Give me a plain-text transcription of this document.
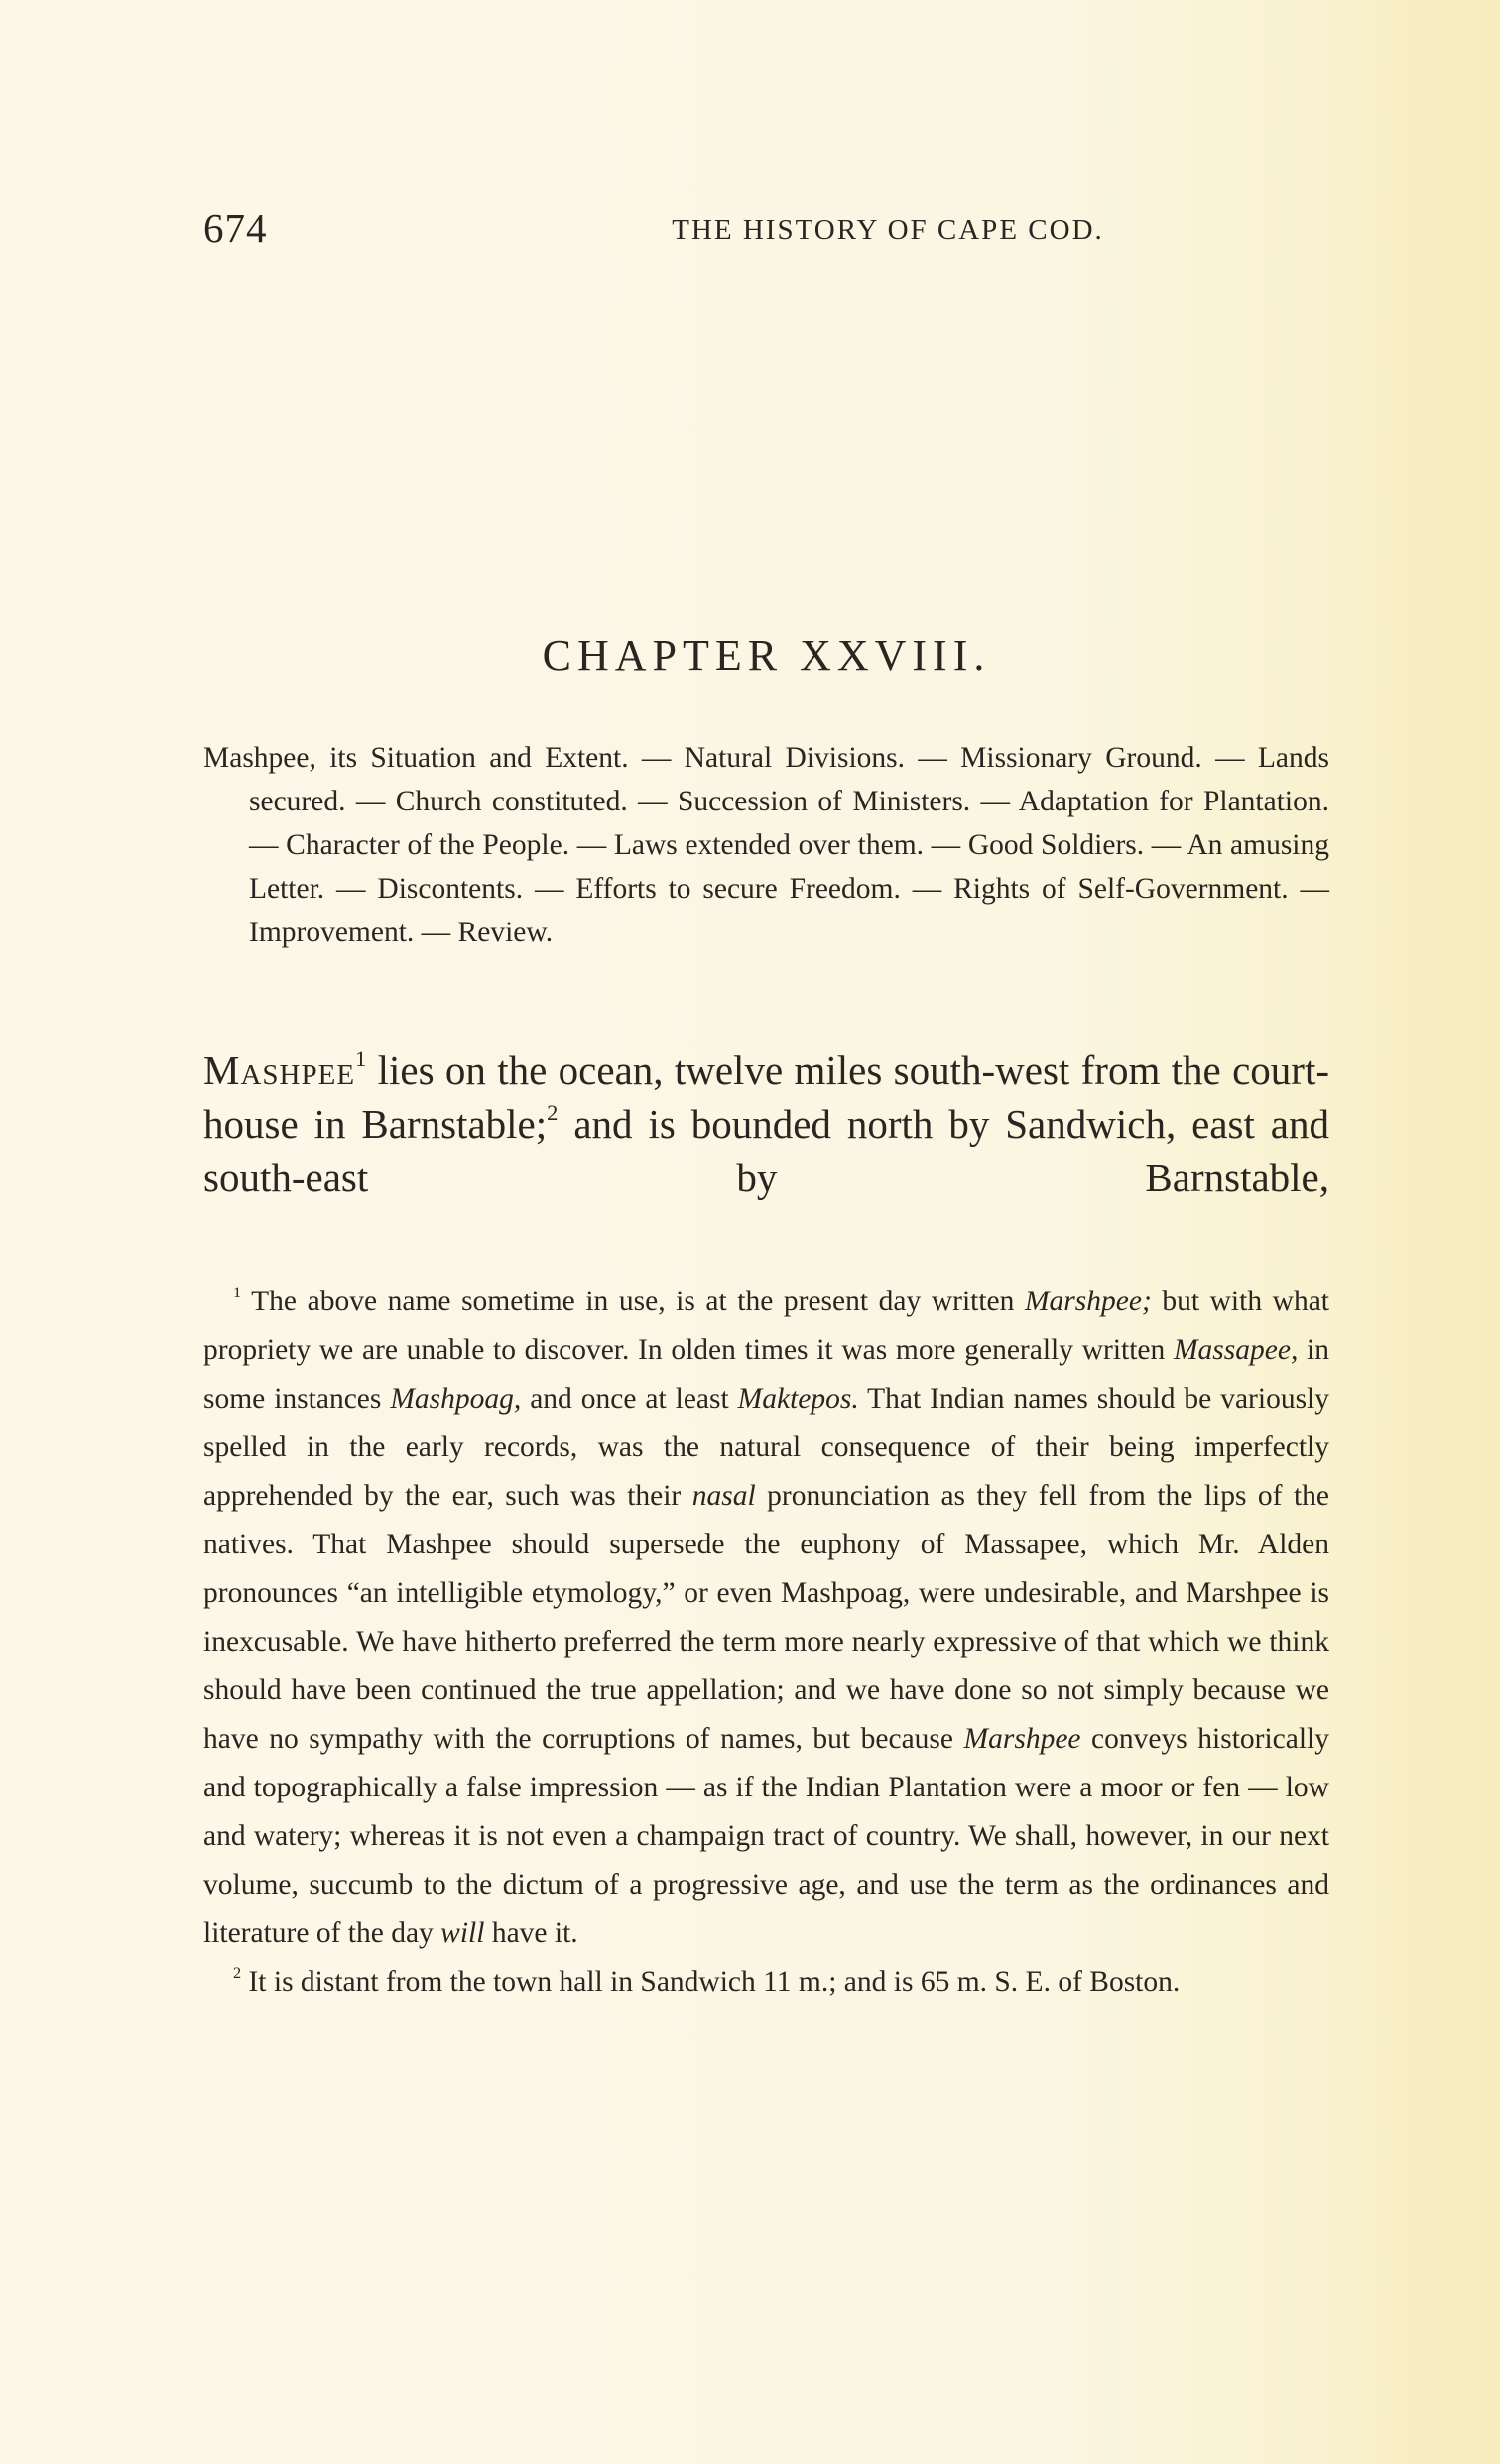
674	THE HISTORY OF CAPE COD.
CHAPTER XXVIII.
Mashpee, its Situation and Extent. — Natural Divisions. — Missionary Ground. — Lands secured. — Church constituted. — Succession of Ministers. — Adaptation for Plantation. — Character of the People. — Laws extended over them. — Good Soldiers. — An amusing Letter. — Discontents. — Efforts to secure Freedom. — Rights of Self-Government. — Improvement. — Review.
Mashpee$^1$ lies on the ocean, twelve miles south-west from the court-house in Barnstable;$^2$ and is bounded north by Sandwich, east and south-east by Barnstable,

$^1$ The above name sometime in use, is at the present day written Marshpee; but with what propriety we are unable to discover. In olden times it was more generally written Massapee, in some instances Mashpoag, and once at least Maktepos. That Indian names should be variously spelled in the early records, was the natural consequence of their being imperfectly apprehended by the ear, such was their nasal pronunciation as they fell from the lips of the natives. That Mashpee should supersede the euphony of Massapee, which Mr. Alden pronounces “an intelligible etymology,” or even Mashpoag, were undesirable, and Marshpee is inexcusable. We have hitherto preferred the term more nearly expressive of that which we think should have been continued the true appellation; and we have done so not simply because we have no sympathy with the corruptions of names, but because Marshpee conveys historically and topographically a false impression — as if the Indian Plantation were a moor or fen — low and watery; whereas it is not even a champaign tract of country. We shall, however, in our next volume, succumb to the dictum of a progressive age, and use the term as the ordinances and literature of the day will have it.

$^2$ It is distant from the town hall in Sandwich 11 m.; and is 65 m. S. E. of Boston.
